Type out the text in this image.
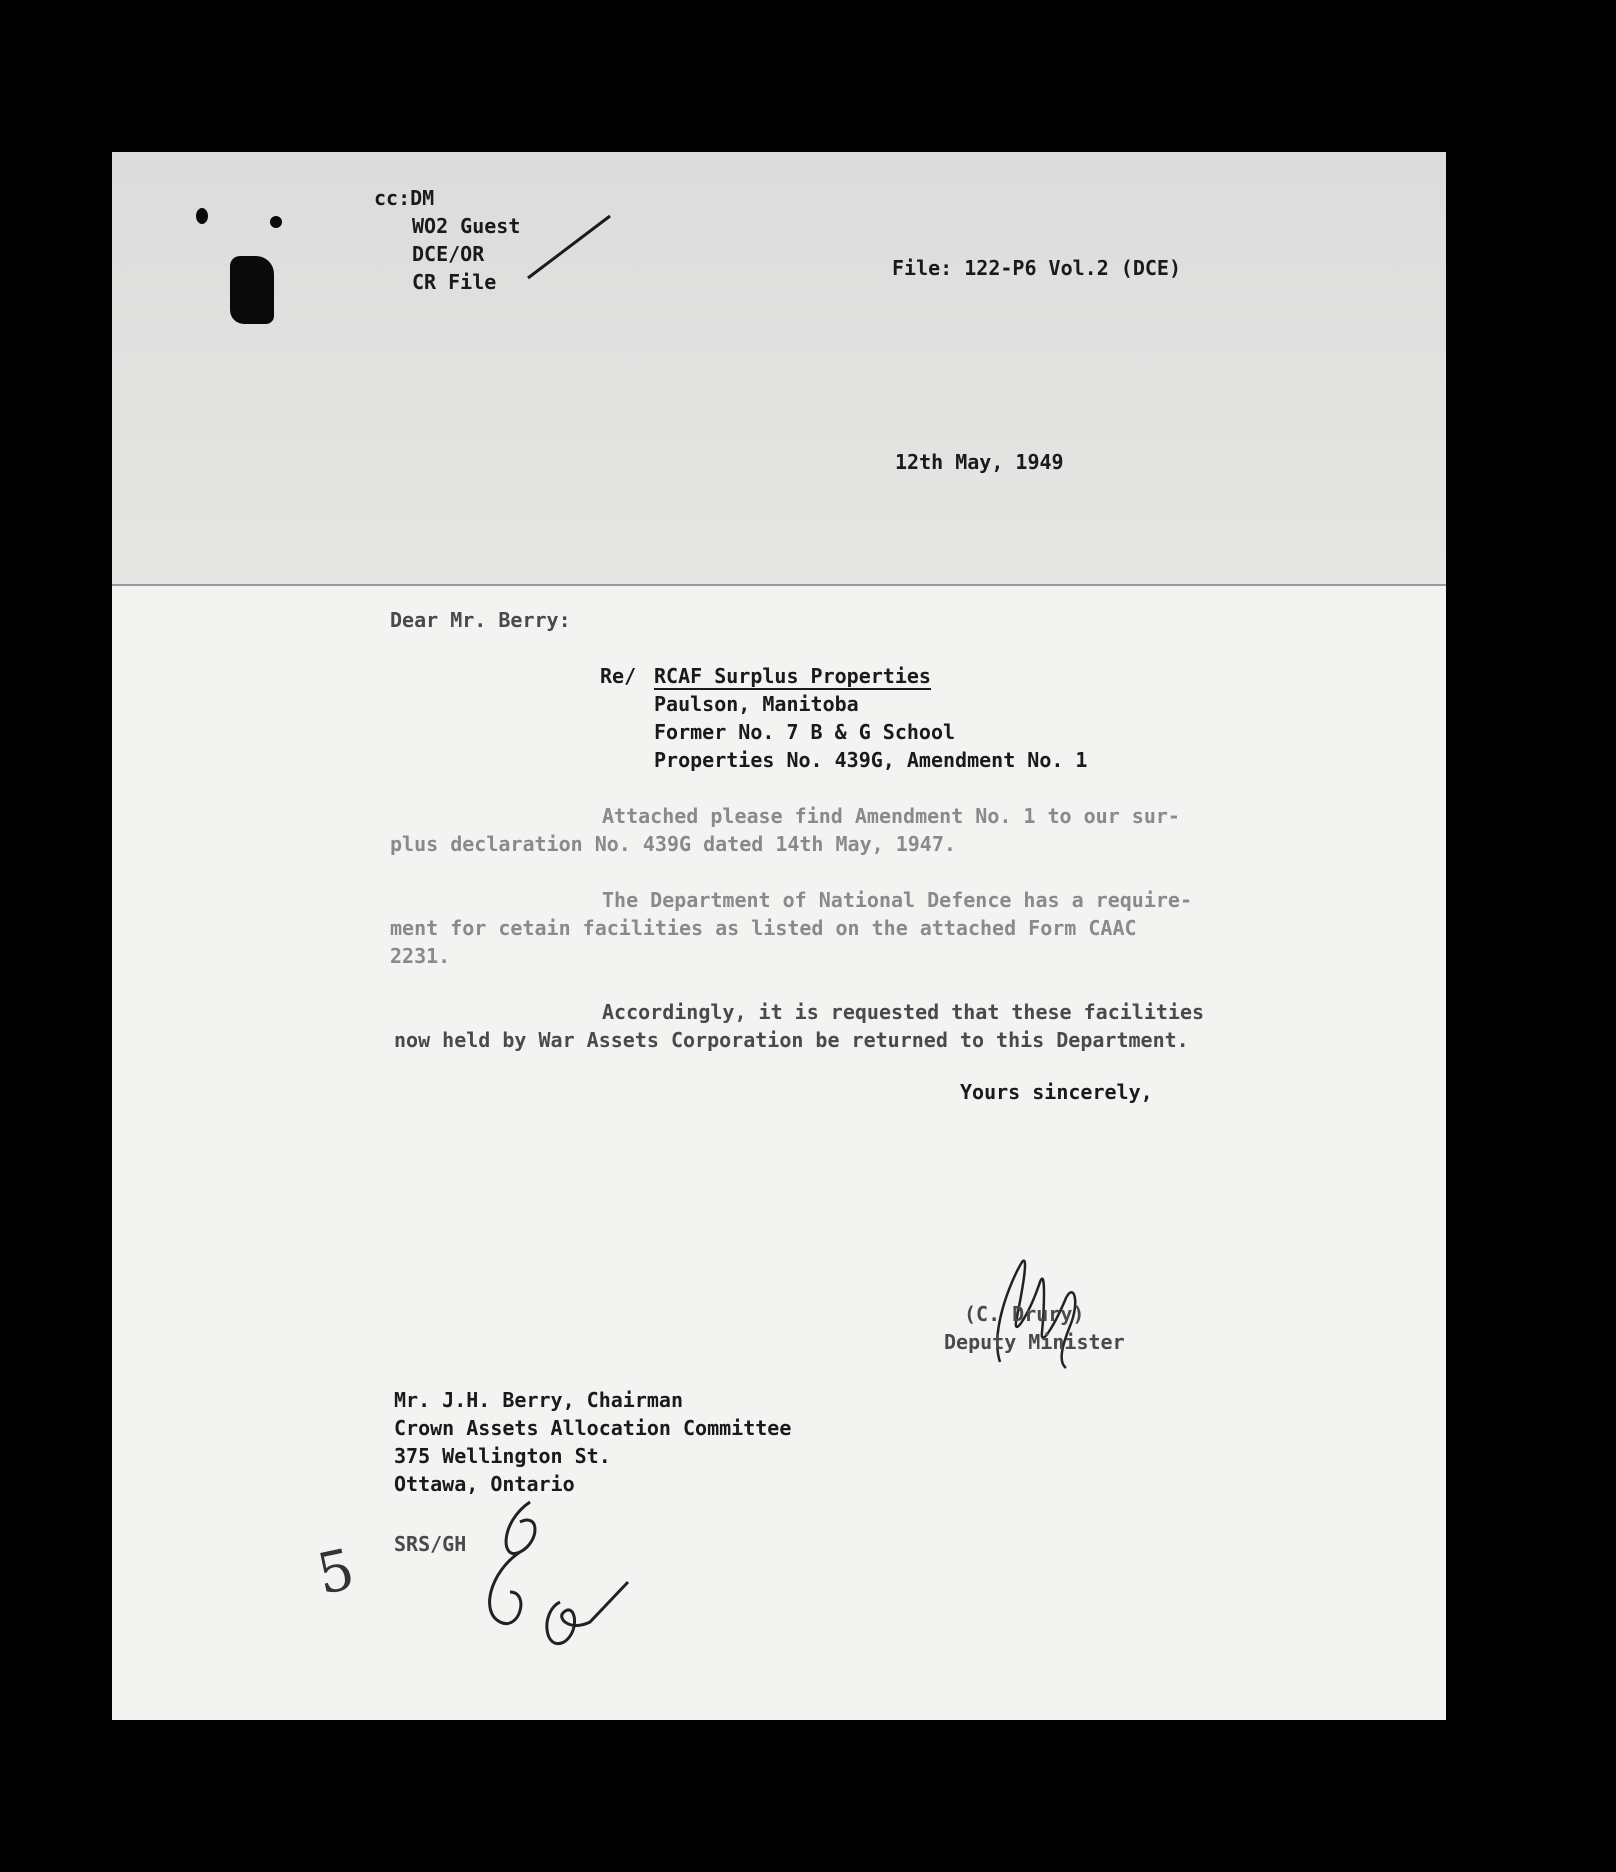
cc:DM

WO2 Guest

DCE/OR

CR File

File: 122-P6 Vol.2 (DCE)

12th May, 1949

Dear Mr. Berry:

Re/ RCAF Surplus Properties

Paulson, Manitoba

Former No. 7 B & G School

Properties No. 439G, Amendment No. 1

Attached please find Amendment No. 1 to our sur-

plus declaration No. 439G dated 14th May, 1947.

The Department of National Defence has a require-

ment for cetain facilities as listed on the attached Form CAAC

2231.

Accordingly, it is requested that these facilities

now held by War Assets Corporation be returned to this Department.

Yours sincerely,

(C. Drury)

Deputy Minister

Mr. J.H. Berry, Chairman

Crown Assets Allocation Committee

375 Wellington St.

Ottawa, Ontario

SRS/GH

5
